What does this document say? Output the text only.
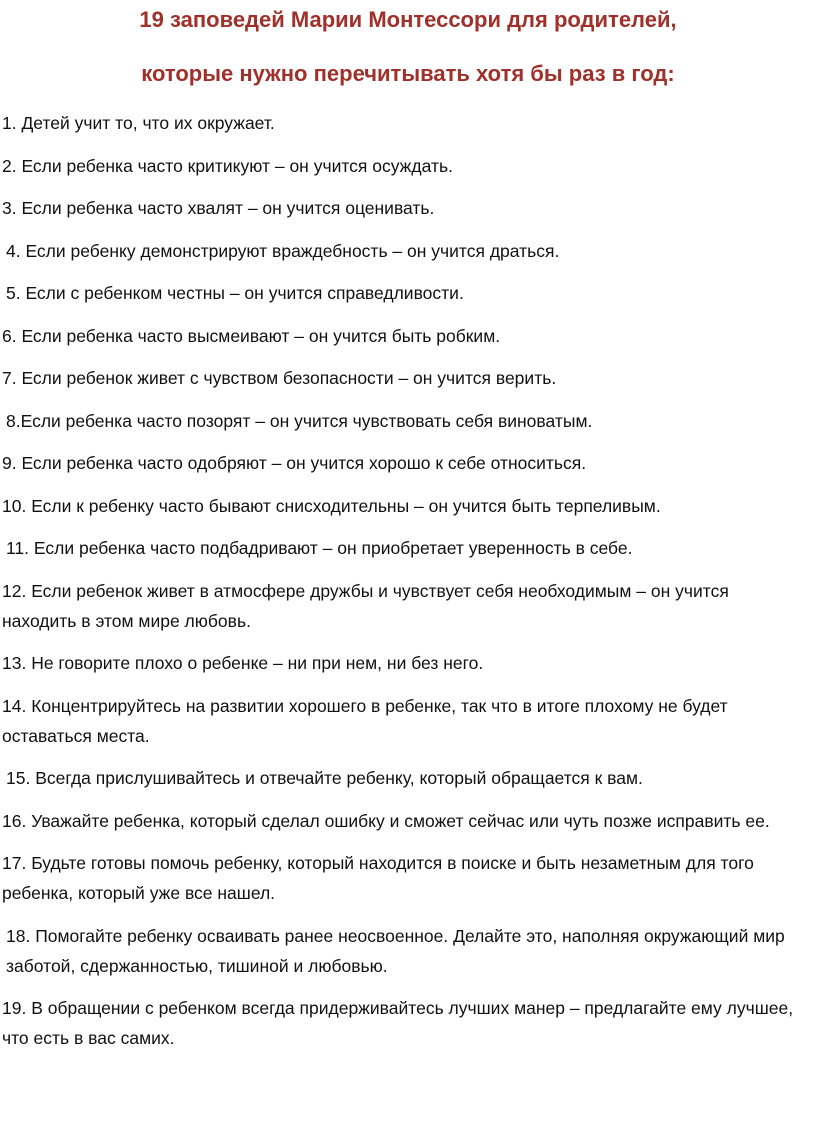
19 заповедей Марии Монтессори для родителей,
которые нужно перечитывать хотя бы раз в год:
1. Детей учит то, что их окружает.
2. Если ребенка часто критикуют – он учится осуждать.
3. Если ребенка часто хвалят – он учится оценивать.
4. Если ребенку демонстрируют враждебность – он учится драться.
5. Если с ребенком честны – он учится справедливости.
6. Если ребенка часто высмеивают – он учится быть робким.
7. Если ребенок живет с чувством безопасности – он учится верить.
8.Если ребенка часто позорят – он учится чувствовать себя виноватым.
9. Если ребенка часто одобряют – он учится хорошо к себе относиться.
10. Если к ребенку часто бывают снисходительны – он учится быть терпеливым.
11. Если ребенка часто подбадривают – он приобретает уверенность в себе.
12. Если ребенок живет в атмосфере дружбы и чувствует себя необходимым – он учится находить в этом мире любовь.
13. Не говорите плохо о ребенке – ни при нем, ни без него.
14. Концентрируйтесь на развитии хорошего в ребенке, так что в итоге плохому не будет оставаться места.
15. Всегда прислушивайтесь и отвечайте ребенку, который обращается к вам.
16. Уважайте ребенка, который сделал ошибку и сможет сейчас или чуть позже исправить ее.
17. Будьте готовы помочь ребенку, который находится в поиске и быть незаметным для того ребенка, который уже все нашел.
18. Помогайте ребенку осваивать ранее неосвоенное. Делайте это, наполняя окружающий мир заботой, сдержанностью, тишиной и любовью.
19. В обращении с ребенком всегда придерживайтесь лучших манер – предлагайте ему лучшее, что есть в вас самих.
